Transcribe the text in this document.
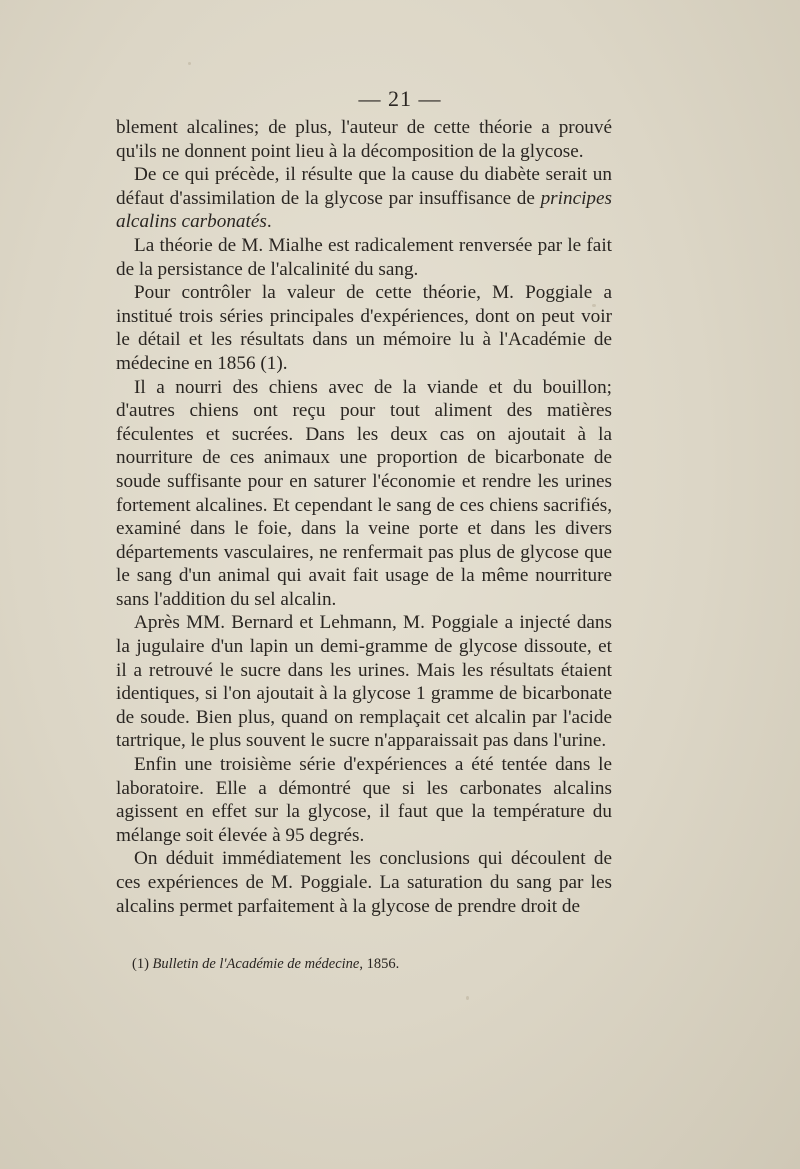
— 21 —

blement alcalines; de plus, l'auteur de cette théorie a prouvé qu'ils ne donnent point lieu à la décomposition de la glycose.

De ce qui précède, il résulte que la cause du diabète serait un défaut d'assimilation de la glycose par insuffisance de principes alcalins carbonatés.

La théorie de M. Mialhe est radicalement renversée par le fait de la persistance de l'alcalinité du sang.

Pour contrôler la valeur de cette théorie, M. Poggiale a institué trois séries principales d'expériences, dont on peut voir le détail et les résultats dans un mémoire lu à l'Académie de médecine en 1856 (1).

Il a nourri des chiens avec de la viande et du bouillon; d'autres chiens ont reçu pour tout aliment des matières féculentes et sucrées. Dans les deux cas on ajoutait à la nourriture de ces animaux une proportion de bicarbonate de soude suffisante pour en saturer l'économie et rendre les urines fortement alcalines. Et cependant le sang de ces chiens sacrifiés, examiné dans le foie, dans la veine porte et dans les divers départements vasculaires, ne renfermait pas plus de glycose que le sang d'un animal qui avait fait usage de la même nourriture sans l'addition du sel alcalin.

Après MM. Bernard et Lehmann, M. Poggiale a injecté dans la jugulaire d'un lapin un demi-gramme de glycose dissoute, et il a retrouvé le sucre dans les urines. Mais les résultats étaient identiques, si l'on ajoutait à la glycose 1 gramme de bicarbonate de soude. Bien plus, quand on remplaçait cet alcalin par l'acide tartrique, le plus souvent le sucre n'apparaissait pas dans l'urine.

Enfin une troisième série d'expériences a été tentée dans le laboratoire. Elle a démontré que si les carbonates alcalins agissent en effet sur la glycose, il faut que la température du mélange soit élevée à 95 degrés.

On déduit immédiatement les conclusions qui découlent de ces expériences de M. Poggiale. La saturation du sang par les alcalins permet parfaitement à la glycose de prendre droit de

(1) Bulletin de l'Académie de médecine, 1856.
